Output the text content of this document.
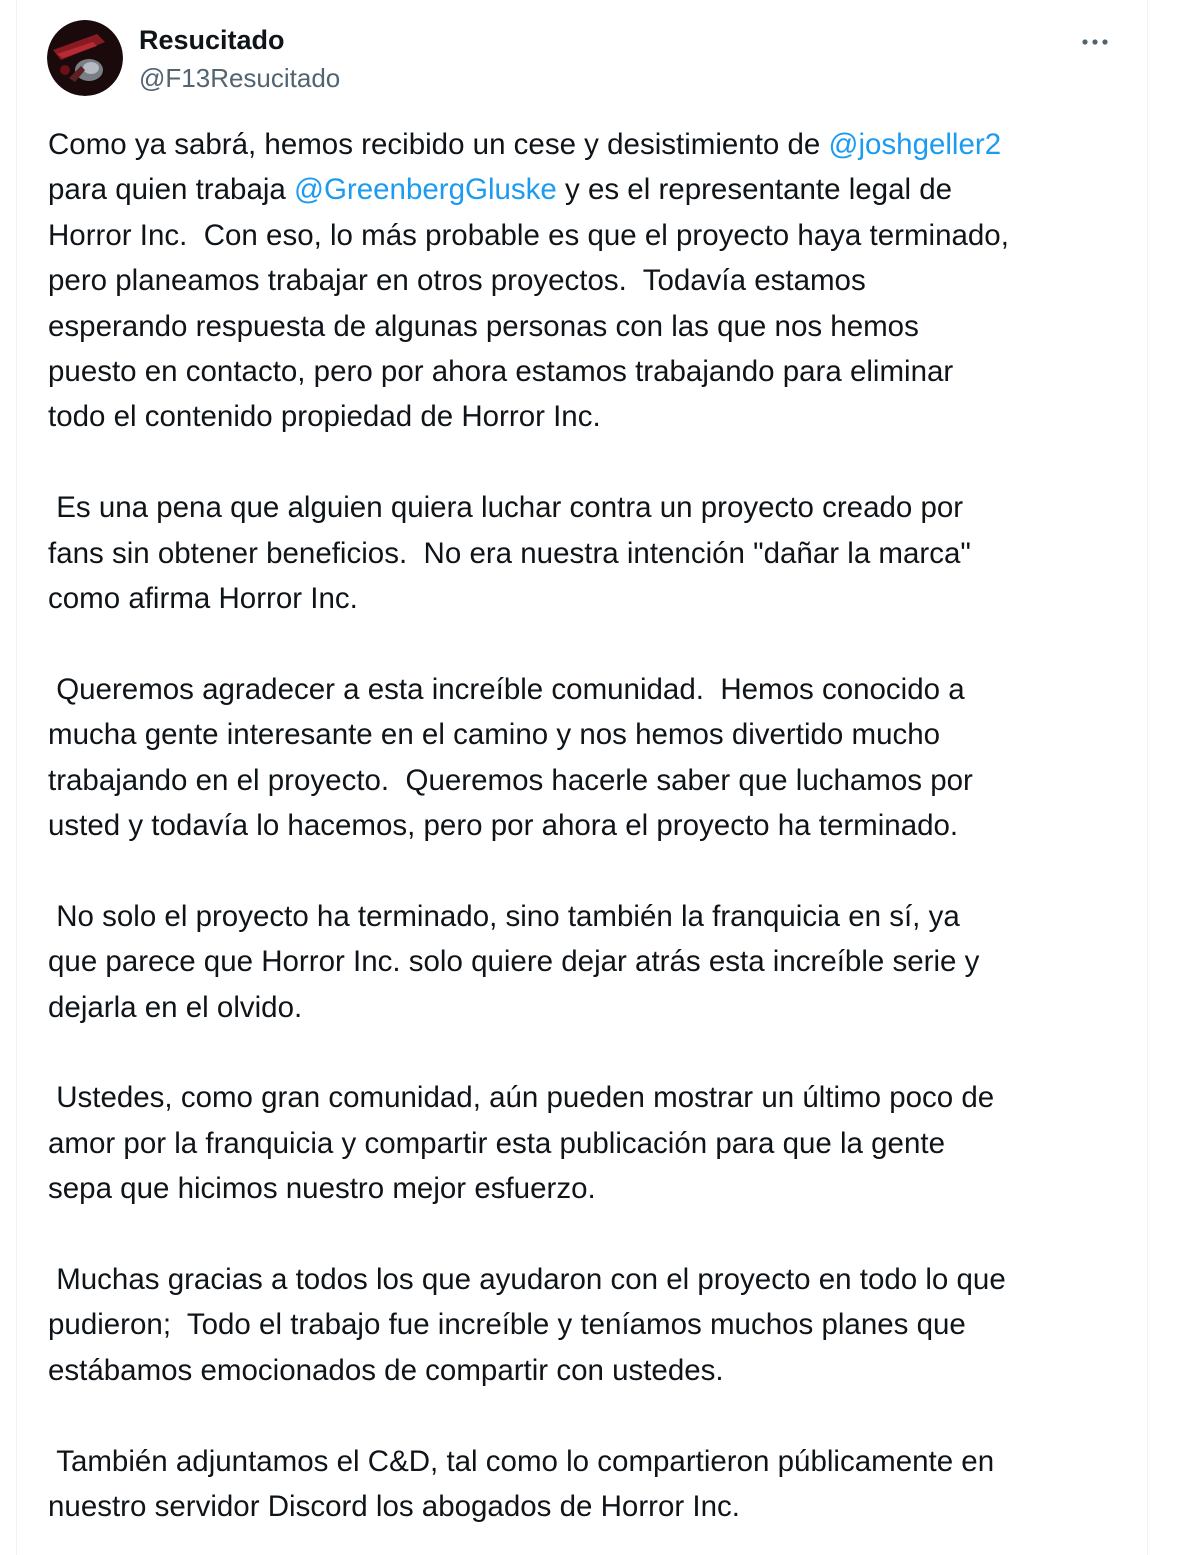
Resucitado
@F13Resucitado

Como ya sabrá, hemos recibido un cese y desistimiento de @joshgeller2
para quien trabaja @GreenbergGluske y es el representante legal de
Horror Inc.  Con eso, lo más probable es que el proyecto haya terminado,
pero planeamos trabajar en otros proyectos.  Todavía estamos
esperando respuesta de algunas personas con las que nos hemos
puesto en contacto, pero por ahora estamos trabajando para eliminar
todo el contenido propiedad de Horror Inc.

Es una pena que alguien quiera luchar contra un proyecto creado por
fans sin obtener beneficios.  No era nuestra intención "dañar la marca"
como afirma Horror Inc.

Queremos agradecer a esta increíble comunidad.  Hemos conocido a
mucha gente interesante en el camino y nos hemos divertido mucho
trabajando en el proyecto.  Queremos hacerle saber que luchamos por
usted y todavía lo hacemos, pero por ahora el proyecto ha terminado.

No solo el proyecto ha terminado, sino también la franquicia en sí, ya
que parece que Horror Inc. solo quiere dejar atrás esta increíble serie y
dejarla en el olvido.

Ustedes, como gran comunidad, aún pueden mostrar un último poco de
amor por la franquicia y compartir esta publicación para que la gente
sepa que hicimos nuestro mejor esfuerzo.

Muchas gracias a todos los que ayudaron con el proyecto en todo lo que
pudieron;  Todo el trabajo fue increíble y teníamos muchos planes que
estábamos emocionados de compartir con ustedes.

También adjuntamos el C&D, tal como lo compartieron públicamente en
nuestro servidor Discord los abogados de Horror Inc.
